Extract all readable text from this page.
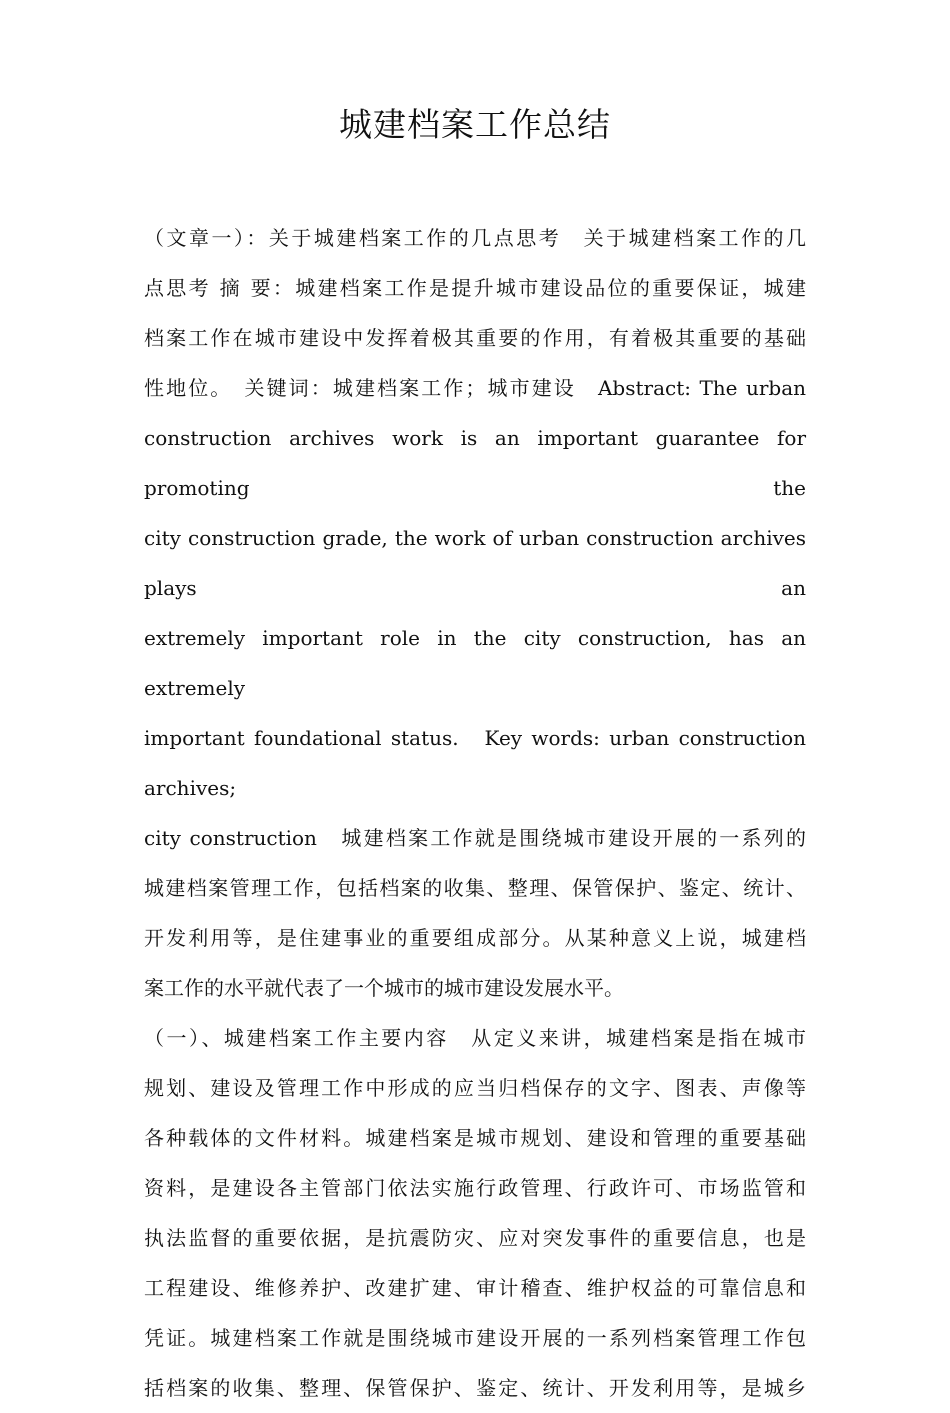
城建档案工作总结

（文章一）：关于城建档案工作的几点思考　关于城建档案工作的几

点思考 摘 要：城建档案工作是提升城市建设品位的重要保证，城建

档案工作在城市建设中发挥着极其重要的作用，有着极其重要的基础

性地位。　关键词：城建档案工作；城市建设　Abstract: The urban

construction archives work is an important guarantee for promoting the

city construction grade, the work of urban construction archives plays an

extremely important role in the city construction, has an extremely

important foundational status.　Key words: urban construction archives;

city construction　城建档案工作就是围绕城市建设开展的一系列的

城建档案管理工作，包括档案的收集、整理、保管保护、鉴定、统计、

开发利用等，是住建事业的重要组成部分。从某种意义上说，城建档

案工作的水平就代表了一个城市的城市建设发展水平。

（一）、城建档案工作主要内容　从定义来讲，城建档案是指在城市

规划、建设及管理工作中形成的应当归档保存的文字、图表、声像等

各种载体的文件材料。城建档案是城市规划、建设和管理的重要基础

资料，是建设各主管部门依法实施行政管理、行政许可、市场监管和

执法监督的重要依据，是抗震防灾、应对突发事件的重要信息，也是

工程建设、维修养护、改建扩建、审计稽查、维护权益的可靠信息和

凭证。城建档案工作就是围绕城市建设开展的一系列档案管理工作包

括档案的收集、整理、保管保护、鉴定、统计、开发利用等，是城乡
